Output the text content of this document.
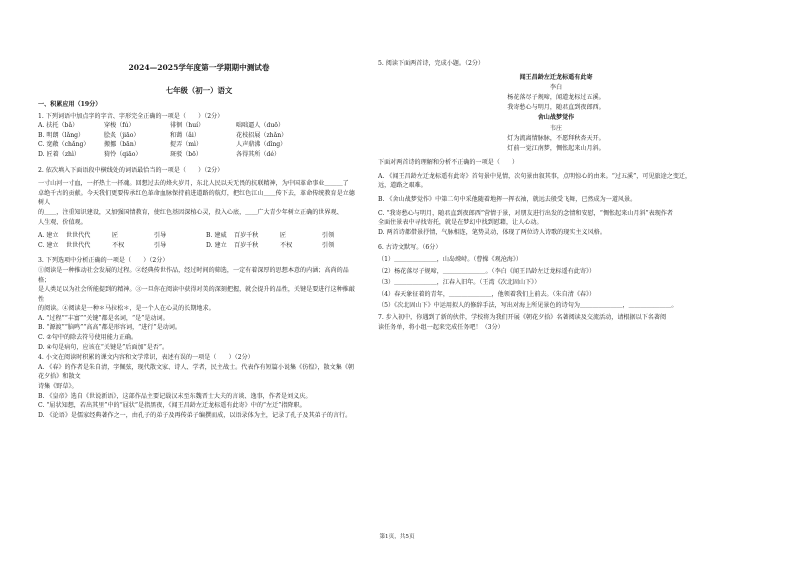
2024—2025学年度第一学期期中测试卷
七年级（初一）语文
一、积累应用（19分）
1. 下列词语中加点字的字音、字形完全正确的一项是（　　）（2分）
A. 扶托（bǎ）	穿梭（fú）	徘徊（huí）	咄咄逼人（duō）
B. 明朗（lǎng）	脍炙（jiāo）	和蔼（ǎi）	花枝招展（zhǎn）
C. 宽敞（chǎng）	搬挪（bān）	捉弄（mì）	人声鼎沸（dǐng）
D. 匠着（zhì）	猗怜（qiāo）	斑驳（bō）	各得其所（dé）
2. 依次填入下面语段中横线处的词语最恰当的一项是（　　）（2分）
一寸山河一寸血，一抔热土一抔魂。回想过去的烽火岁月，东北人民以天无畏的抗联精神，为中国革命事业＿＿＿了
卓绝千古的贡献。今天我们更要传承红色革命血脉保持前进道路的航灯，把红色江山＿＿传下去，革命传统教育是立德树人
的＿＿，注重知识建设，又加强国情教育，使红色基因深植心灵，投入心底，＿＿广大青少年树立正确的世界观、
人生观、价值观。
A. 建立	世世代代	匠	引导	B. 建威	百岁千秋	匠	引领
C. 建立	世世代代	不权	引导	D. 建立	百岁千秋	不权	引领
3. 下列选项中分析正确的一项是（　　）（2分）
①阅读是一种推动社会发展的过程。②经典传世作品，经过时间的筛选，一定有着深厚的思想本意的内涵；高尚的品格；
是人类足以为社会所能提到的精神。③一旦你在阅读中获得对美的深刻把握，就会提升的品性，关键是要进行这种推敲性
的阅读。④阅读是一种＊马拉松＊，是一个人在心灵的长期地求。
A. “过程”“丰富”“关键”都是名词，“是”是动词。
B. “源渡”“脑鸣”“高高”都是形容词，“进行”是动词。
C. ②句中的除去符号使用能力正确。
D. ④句是病句，应该在“关键是”后面加“是否”。
4. 小文在阅读时积累的课文内容和文学常识，表述有误的一项是（　　）（2分）
A. 《春》的作者是朱自清，字佩弦，现代散文家、诗人、学者，民主战士。代表作有短篇小说集《彷徨》，散文集《朝花夕拾》和散文
诗集《野草》。
B. 《皇帝》选自《世说新语》，这部作品主要记载汉末至东魏晋士大夫的言谈、逸事，作者是刘义庆。
C. “屈状知想，若出其里”中的“屈状”是指黑夜，《闻王昌龄左迁龙标遥有此寄》中的“左迁”指降职。
D. 《论语》是儒家经典著作之一，由孔子的弟子及再传弟子编撰而成，以语录体为主，记录了孔子及其弟子的言行。
5. 阅读下面两首诗，完成小题。（2分）
闻王昌龄左迁龙标遥有此寄
李白
杨花落尽子规啼，闻道龙标过五溪。
我寄愁心与明月，随君直到夜郎西。
舍山战梦觉作
韦庄
灯为流离情脉脉，不愿拜秋杏天开。
灯前一觉江南梦，惆怅起来山月斜。
下面对两首诗的理解和分析不正确的一项是（　　）
A. 《闻王昌龄左迁龙标遥有此寄》首句景中见情，次句景由叙其事，点明惊心的由来。“过五溪”，可见旅途之变迁，
远，道路之艰难。
B. 《舍山战梦觉作》中第二句中采他随着地挥一挥衣袖，就远去般受飞舞，已然成为一道风景。
C. “我寄愁心与明月，随君直到夜郎西”营情于景，对朋友进行出发的念情和安慰，“惆怅起来山月斜”表现作者
全面住景表中寻找寄托，就是在梦幻中找到慰藉，让人心动。
D. 两首诗都借景抒情，气脉相连，笔势灵动，体现了两位诗人诗歌的现实主义风格。
6. 古诗文默写。（6分）
（1）＿＿＿＿＿＿＿，山岛竦峙。（曹操《观沧海》）
（2）杨花落尽子规啼，＿＿＿＿＿＿＿。（李白《闻王昌龄左迁龙标遥有此寄》）
（3）＿＿＿＿＿＿＿，江春入旧年。（王湾《次北固山下》）
（4）春天象征着的青年，＿＿＿＿＿＿＿，他领着我们上前去。（朱自清《春》）
（5）《次北固山下》中运用拟人的修辞手法，写出对海上所见景色的诗句为＿＿＿＿＿＿＿，＿＿＿＿＿＿＿。
7. 步入初中，你遇到了新的伙伴，学校将为我们开展《朝花夕拾》名著阅读及交流活动，请根据以下名著阅
读任务单，将小组一起来完成任务吧！（3分）
第1页，共5页
